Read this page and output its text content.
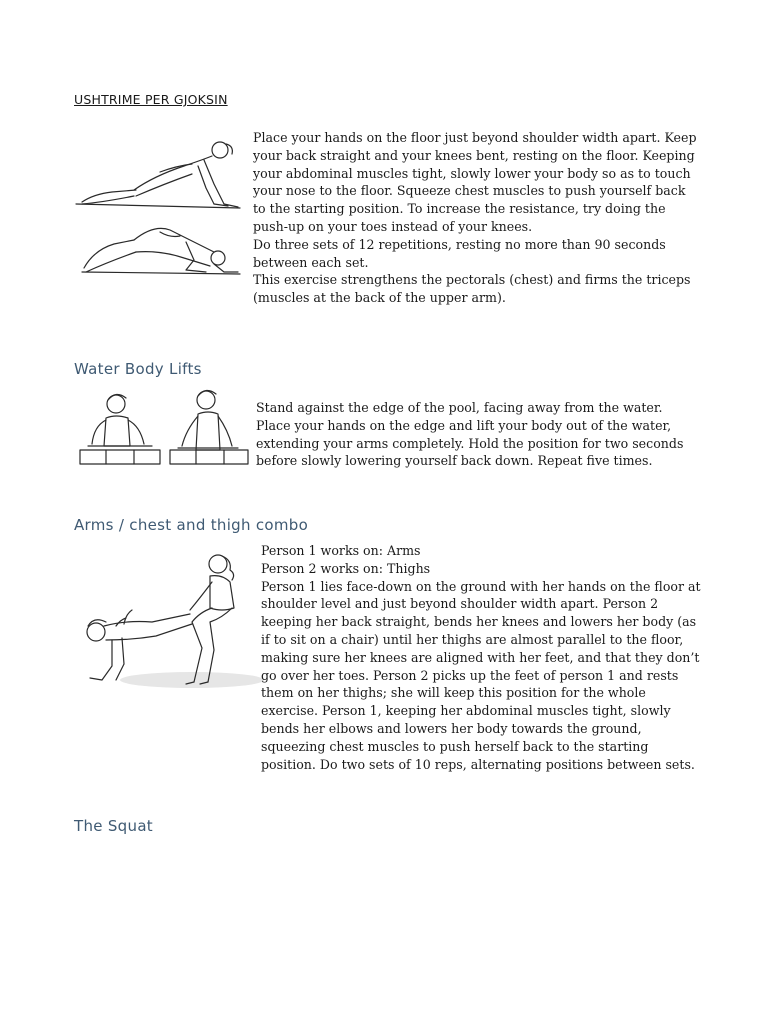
USHTRIME PER GJOKSIN

Place your hands on the floor just beyond shoulder width apart. Keep your back straight and your knees bent, resting on the floor. Keeping your abdominal muscles tight, slowly lower your body so as to touch your nose to the floor. Squeeze chest muscles to push yourself back to the starting position. To increase the resistance, try doing the push-up on your toes instead of your knees.

Do three sets of 12 repetitions, resting no more than 90 seconds between each set.

This exercise strengthens the pectorals (chest) and firms the triceps (muscles at the back of the upper arm).

Water Body Lifts

Stand against the edge of the pool, facing away from the water. Place your hands on the edge and lift your body out of the water, extending your arms completely. Hold the position for two seconds before slowly lowering yourself back down. Repeat five times.

Arms / chest and thigh combo

Person 1 works on: Arms

Person 2 works on: Thighs

Person 1 lies face-down on the ground with her hands on the floor at shoulder level and just beyond shoulder width apart. Person 2 keeping her back straight, bends her knees and lowers her body (as if to sit on a chair) until her thighs are almost parallel to the floor, making sure her knees are aligned with her feet, and that they don’t go over her toes. Person 2 picks up the feet of person 1 and rests them on her thighs; she will keep this position for the whole exercise. Person 1, keeping her abdominal muscles tight, slowly bends her elbows and lowers her body towards the ground, squeezing chest muscles to push herself back to the starting position. Do two sets of 10 reps, alternating positions between sets.

The Squat
